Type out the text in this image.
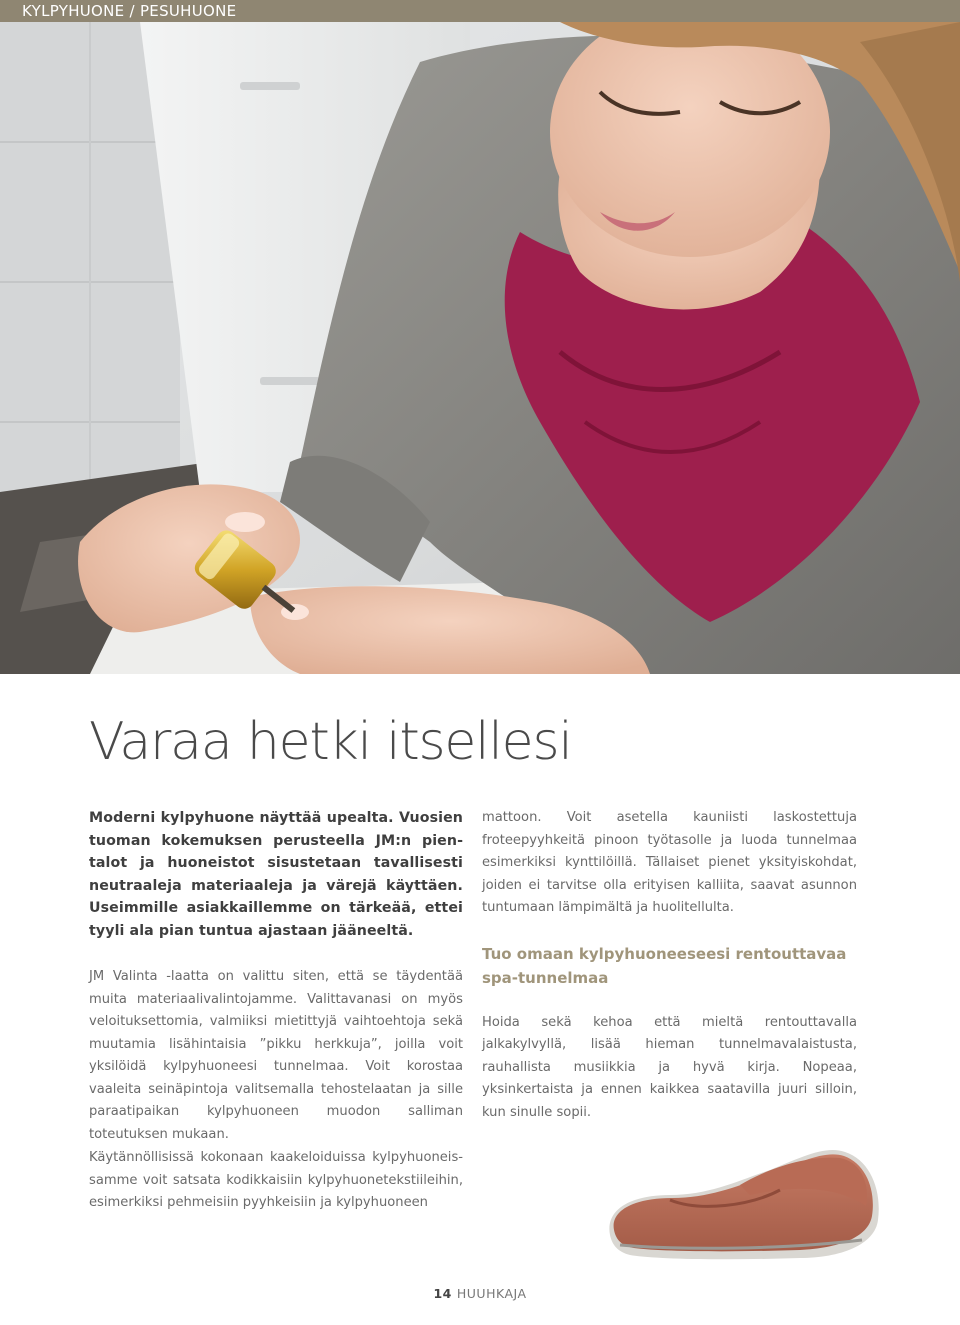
KYLPYHUONE / PESUHUONE
Varaa hetki itsellesi

Moderni kylpyhuone näyttää upealta. Vuosien tuoman kokemuksen perusteella JM:n pientalot ja huoneistot sisustetaan tavallisesti neutraaleja materiaaleja ja värejä käyttäen. Useimmille asiakkaillemme on tärkeää, ettei tyyli ala pian tuntua ajastaan jääneeltä.

JM Valinta -laatta on valittu siten, että se täydentää muita materiaalivalintojamme. Valittavanasi on myös veloituksettomia, valmiiksi mietittyjä vaihtoehtoja sekä muutamia lisähintaisia ”pikku herkkuja”, joilla voit yksilöidä kylpyhuoneesi tunnelmaa. Voit korostaa vaaleita seinäpintoja valitsemalla tehostelaatan ja sille paraatipaikan kylpyhuoneen muodon salliman toteutuksen mukaan.

Käytännöllisissä kokonaan kaakeloiduissa kylpyhuoneissamme voit satsata kodikkaisiin kylpyhuonetekstiileihin, esimerkiksi pehmeisiin pyyhkeisiin ja kylpyhuoneen

mattoon. Voit asetella kauniisti laskostettuja froteepyyhkeitä pinoon työtasolle ja luoda tunnelmaa esimerkiksi kynttilöillä. Tällaiset pienet yksityiskohdat, joiden ei tarvitse olla erityisen kalliita, saavat asunnon tuntumaan lämpimältä ja huolitellulta.

Tuo omaan kylpyhuoneeseesi rentouttavaa spa-tunnelmaa

Hoida sekä kehoa että mieltä rentouttavalla jalkakylvyllä, lisää hieman tunnelmavalaistusta, rauhallista musiikkia ja hyvä kirja. Nopeaa, yksinkertaista ja ennen kaikkea saatavilla juuri silloin, kun sinulle sopii.

14 HUUHKAJA
